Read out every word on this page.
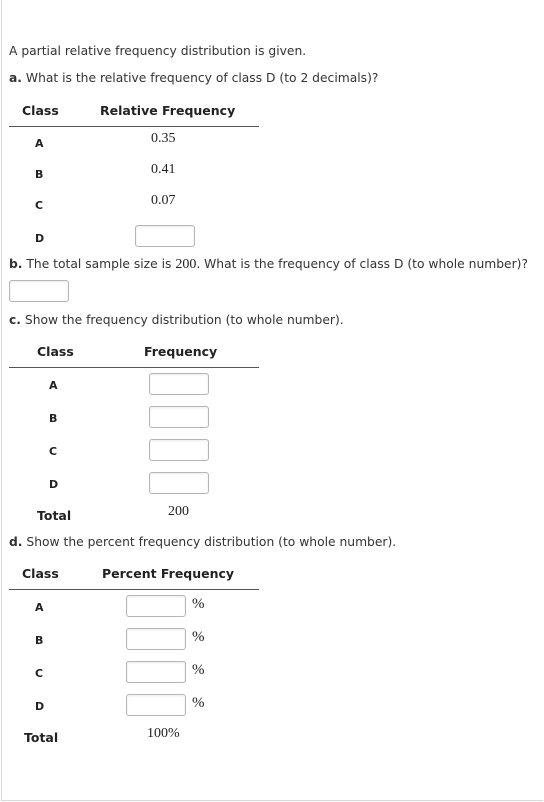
A partial relative frequency distribution is given.
a. What is the relative frequency of class D (to 2 decimals)?
Class	Relative Frequency
A	0.35
B	0.41
C	0.07
D
b. The total sample size is 200. What is the frequency of class D (to whole number)?
c. Show the frequency distribution (to whole number).
Class	Frequency
A
B
C
D
Total	200
d. Show the percent frequency distribution (to whole number).
Class	Percent Frequency
A	%
B	%
C	%
D	%
Total	100%
